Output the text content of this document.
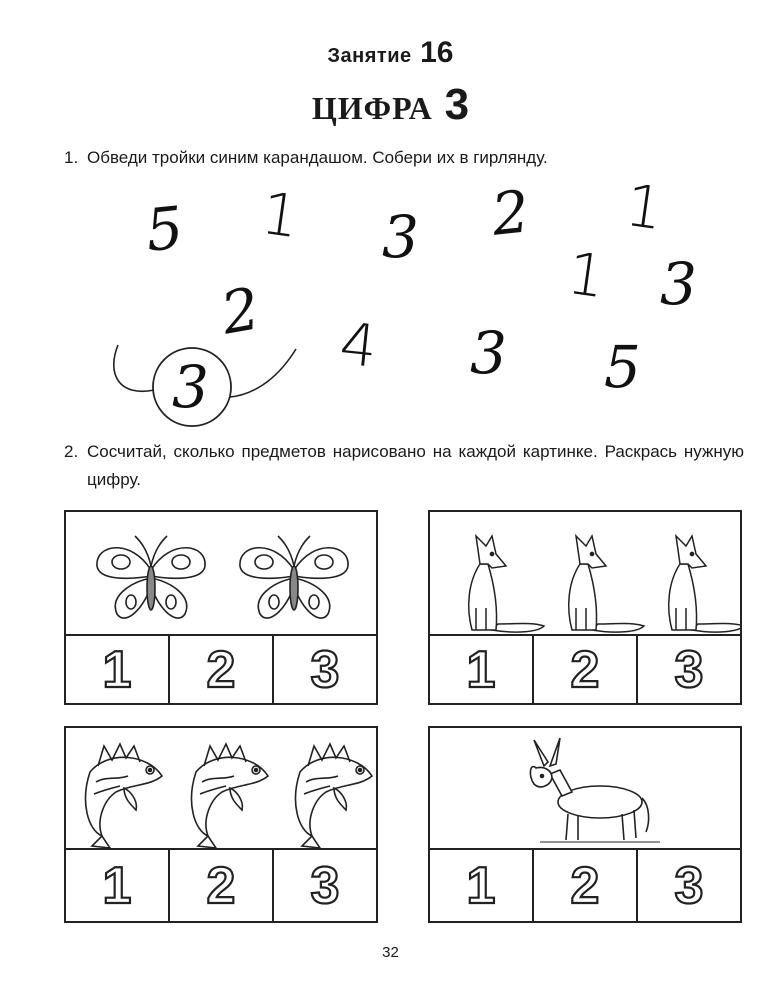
Занятие 16
ЦИФРА 3
1. Обведи тройки синим карандашом. Собери их в гирлянду.
5 1 3 2 1
1 3
2 4 3 5
3
2. Сосчитай, сколько предметов нарисовано на каждой картинке. Раскрась нужную цифру.
1 2 3 1 2 3
1 2 3 1 2 3
32
